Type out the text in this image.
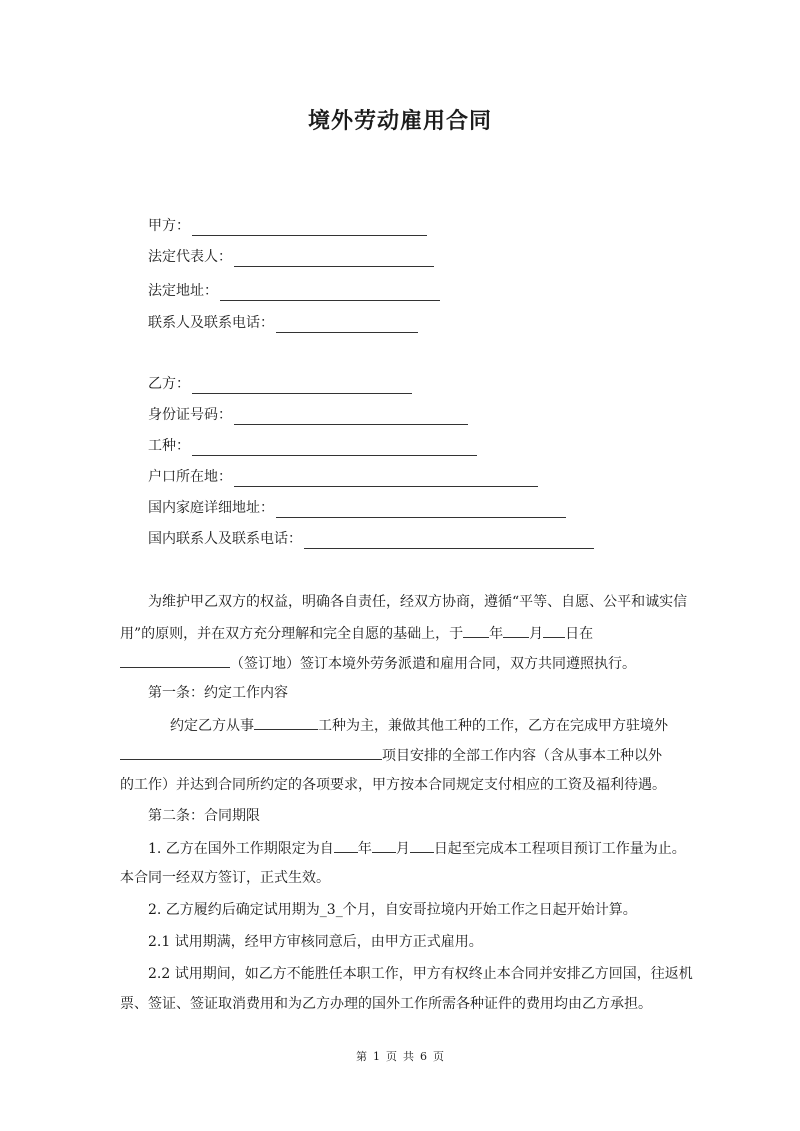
境外劳动雇用合同
甲方：
法定代表人：
法定地址：
联系人及联系电话：
乙方：
身份证号码：
工种：
户口所在地：
国内家庭详细地址：
国内联系人及联系电话：
为维护甲乙双方的权益，明确各自责任，经双方协商，遵循“平等、自愿、公平和诚实信
用”的原则，并在双方充分理解和完全自愿的基础上，于 年 月 日在
（签订地）签订本境外劳务派遣和雇用合同，双方共同遵照执行。
第一条：约定工作内容
约定乙方从事	工种为主，兼做其他工种的工作，乙方在完成甲方驻境外
项目安排的全部工作内容（含从事本工种以外
的工作）并达到合同所约定的各项要求，甲方按本合同规定支付相应的工资及福利待遇。
第二条：合同期限
1. 乙方在国外工作期限定为自 年 月 日起至完成本工程项目预订工作量为止。
本合同一经双方签订，正式生效。
2. 乙方履约后确定试用期为_3_个月，自安哥拉境内开始工作之日起开始计算。
2.1 试用期满，经甲方审核同意后，由甲方正式雇用。
2.2 试用期间，如乙方不能胜任本职工作，甲方有权终止本合同并安排乙方回国，往返机
票、签证、签证取消费用和为乙方办理的国外工作所需各种证件的费用均由乙方承担。
第 1 页 共 6 页
